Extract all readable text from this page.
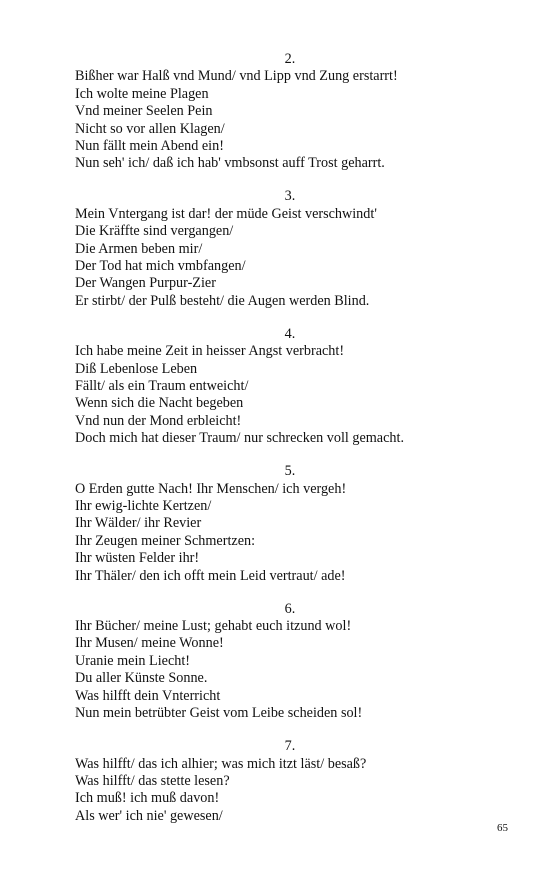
2.
Bißher war Halß vnd Mund/ vnd Lipp vnd Zung erstarrt!
Ich wolte meine Plagen
Vnd meiner Seelen Pein
Nicht so vor allen Klagen/
Nun fällt mein Abend ein!
Nun seh' ich/ daß ich hab' vmbsonst auff Trost geharrt.
3.
Mein Vntergang ist dar! der müde Geist verschwindt'
Die Kräffte sind vergangen/
Die Armen beben mir/
Der Tod hat mich vmbfangen/
Der Wangen Purpur-Zier
Er stirbt/ der Pulß besteht/ die Augen werden Blind.
4.
Ich habe meine Zeit in heisser Angst verbracht!
Diß Lebenlose Leben
Fällt/ als ein Traum entweicht/
Wenn sich die Nacht begeben
Vnd nun der Mond erbleicht!
Doch mich hat dieser Traum/ nur schrecken voll gemacht.
5.
O Erden gutte Nach! Ihr Menschen/ ich vergeh!
Ihr ewig-lichte Kertzen/
Ihr Wälder/ ihr Revier
Ihr Zeugen meiner Schmertzen:
Ihr wüsten Felder ihr!
Ihr Thäler/ den ich offt mein Leid vertraut/ ade!
6.
Ihr Bücher/ meine Lust; gehabt euch itzund wol!
Ihr Musen/ meine Wonne!
Uranie mein Liecht!
Du aller Künste Sonne.
Was hilfft dein Vnterricht
Nun mein betrübter Geist vom Leibe scheiden sol!
7.
Was hilfft/ das ich alhier; was mich itzt läst/ besaß?
Was hilfft/ das stette lesen?
Ich muß! ich muß davon!
Als wer' ich nie' gewesen/
65
